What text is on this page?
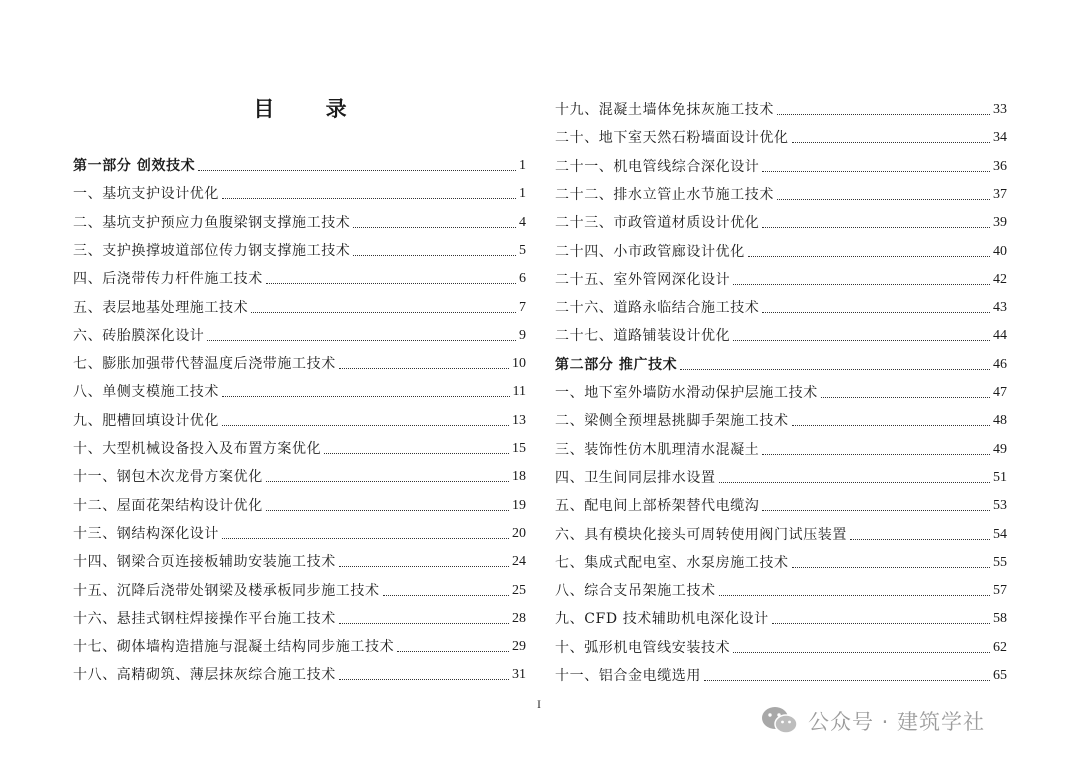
目 录
第一部分 创效技术	1
一、基坑支护设计优化	1
二、基坑支护预应力鱼腹梁钢支撑施工技术	4
三、支护换撑坡道部位传力钢支撑施工技术	5
四、后浇带传力杆件施工技术	6
五、表层地基处理施工技术	7
六、砖胎膜深化设计	9
七、膨胀加强带代替温度后浇带施工技术	10
八、单侧支模施工技术	11
九、肥槽回填设计优化	13
十、大型机械设备投入及布置方案优化	15
十一、钢包木次龙骨方案优化	18
十二、屋面花架结构设计优化	19
十三、钢结构深化设计	20
十四、钢梁合页连接板辅助安装施工技术	24
十五、沉降后浇带处钢梁及楼承板同步施工技术	25
十六、悬挂式钢柱焊接操作平台施工技术	28
十七、砌体墙构造措施与混凝土结构同步施工技术	29
十八、高精砌筑、薄层抹灰综合施工技术	31
十九、混凝土墙体免抹灰施工技术	33
二十、地下室天然石粉墙面设计优化	34
二十一、机电管线综合深化设计	36
二十二、排水立管止水节施工技术	37
二十三、市政管道材质设计优化	39
二十四、小市政管廊设计优化	40
二十五、室外管网深化设计	42
二十六、道路永临结合施工技术	43
二十七、道路铺装设计优化	44
第二部分 推广技术	46
一、地下室外墙防水滑动保护层施工技术	47
二、梁侧全预埋悬挑脚手架施工技术	48
三、装饰性仿木肌理清水混凝土	49
四、卫生间同层排水设置	51
五、配电间上部桥架替代电缆沟	53
六、具有模块化接头可周转使用阀门试压装置	54
七、集成式配电室、水泵房施工技术	55
八、综合支吊架施工技术	57
九、CFD 技术辅助机电深化设计	58
十、弧形机电管线安装技术	62
十一、铝合金电缆选用	65
I
公众号 · 建筑学社
